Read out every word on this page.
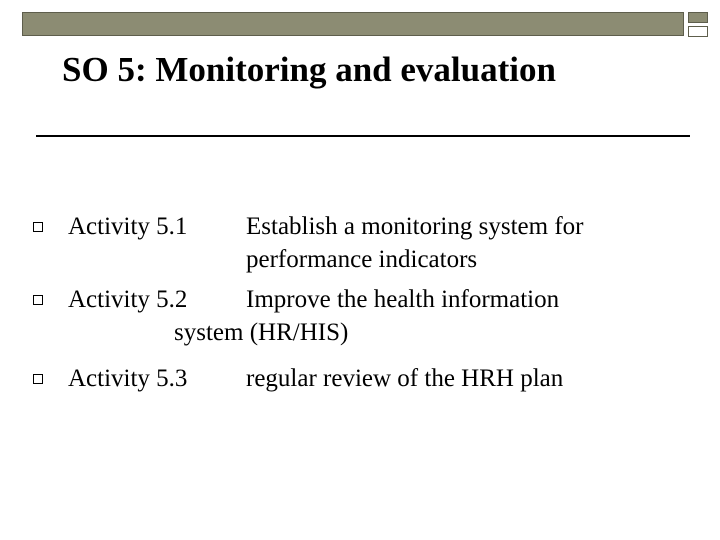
SO 5: Monitoring and evaluation
Activity 5.1 Establish a monitoring system for
performance indicators
Activity 5.2 Improve the health information
system (HR/HIS)
Activity 5.3 regular review of the HRH plan
